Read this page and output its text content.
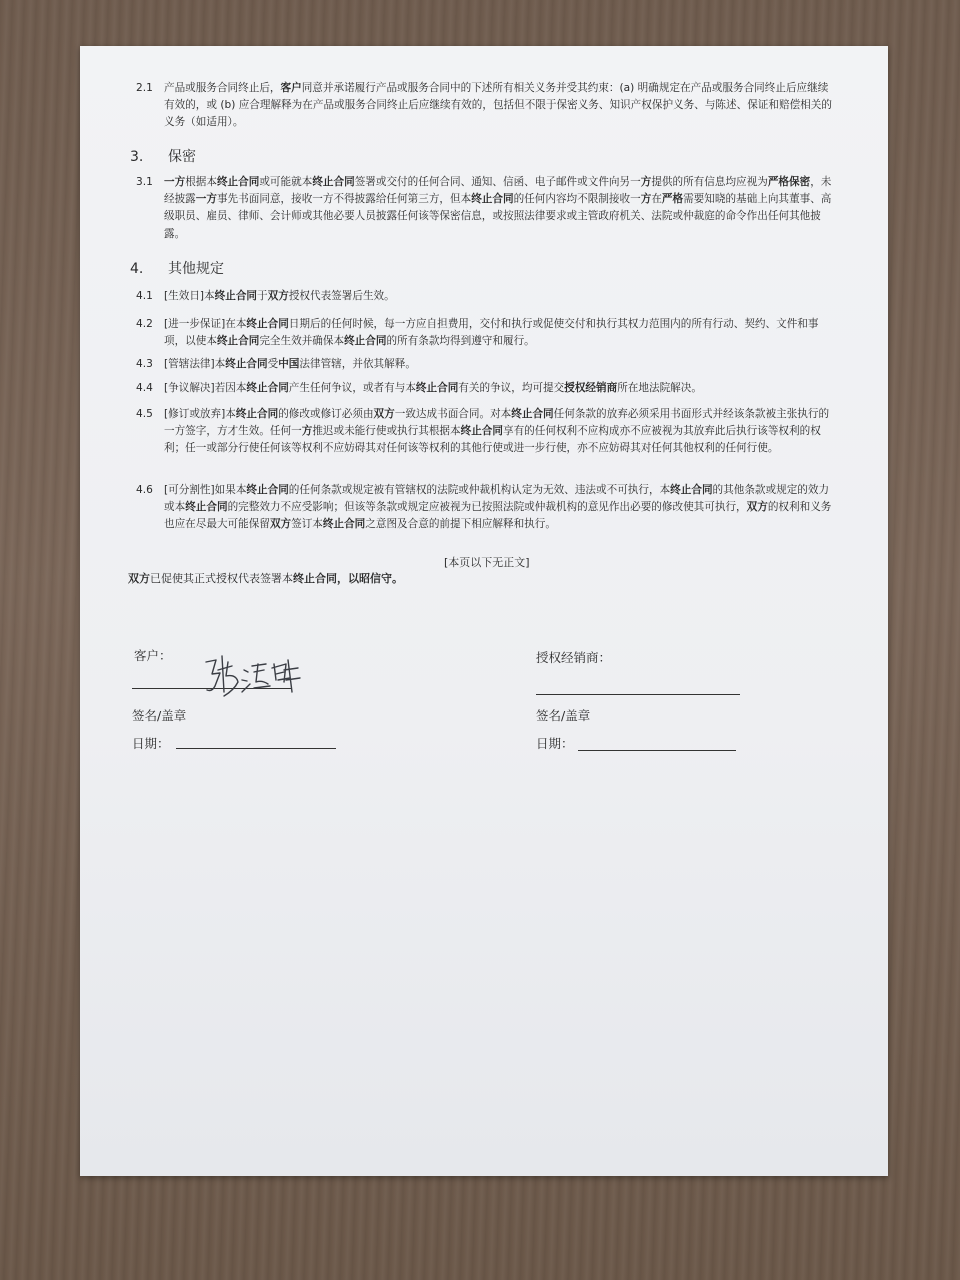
2.1	产品或服务合同终止后，客户同意并承诺履行产品或服务合同中的下述所有相关义务并受其约束：(a) 明确规定在产品或服务合同终止后应继续有效的，或 (b) 应合理解释为在产品或服务合同终止后应继续有效的，包括但不限于保密义务、知识产权保护义务、与陈述、保证和赔偿相关的义务（如适用）。
3. 保密
3.1	一方根据本终止合同或可能就本终止合同签署或交付的任何合同、通知、信函、电子邮件或文件向另一方提供的所有信息均应视为严格保密，未经披露一方事先书面同意，接收一方不得披露给任何第三方，但本终止合同的任何内容均不限制接收一方在严格需要知晓的基础上向其董事、高级职员、雇员、律师、会计师或其他必要人员披露任何该等保密信息，或按照法律要求或主管政府机关、法院或仲裁庭的命令作出任何其他披露。
4. 其他规定
4.1	[生效日]本终止合同于双方授权代表签署后生效。
4.2	[进一步保证]在本终止合同日期后的任何时候，每一方应自担费用，交付和执行或促使交付和执行其权力范围内的所有行动、契约、文件和事项，以使本终止合同完全生效并确保本终止合同的所有条款均得到遵守和履行。
4.3	[管辖法律]本终止合同受中国法律管辖，并依其解释。
4.4	[争议解决]若因本终止合同产生任何争议，或者有与本终止合同有关的争议，均可提交授权经销商所在地法院解决。
4.5	[修订或放弃]本终止合同的修改或修订必须由双方一致达成书面合同。对本终止合同任何条款的放弃必须采用书面形式并经该条款被主张执行的一方签字，方才生效。任何一方推迟或未能行使或执行其根据本终止合同享有的任何权利不应构成亦不应被视为其放弃此后执行该等权利的权利；任一或部分行使任何该等权利不应妨碍其对任何该等权利的其他行使或进一步行使，亦不应妨碍其对任何其他权利的任何行使。
4.6	[可分割性]如果本终止合同的任何条款或规定被有管辖权的法院或仲裁机构认定为无效、违法或不可执行，本终止合同的其他条款或规定的效力或本终止合同的完整效力不应受影响；但该等条款或规定应被视为已按照法院或仲裁机构的意见作出必要的修改使其可执行，双方的权利和义务也应在尽最大可能保留双方签订本终止合同之意图及合意的前提下相应解释和执行。
[本页以下无正文]
双方已促使其正式授权代表签署本终止合同，以昭信守。
客户：
签名/盖章
日期：
授权经销商：
签名/盖章
日期：
